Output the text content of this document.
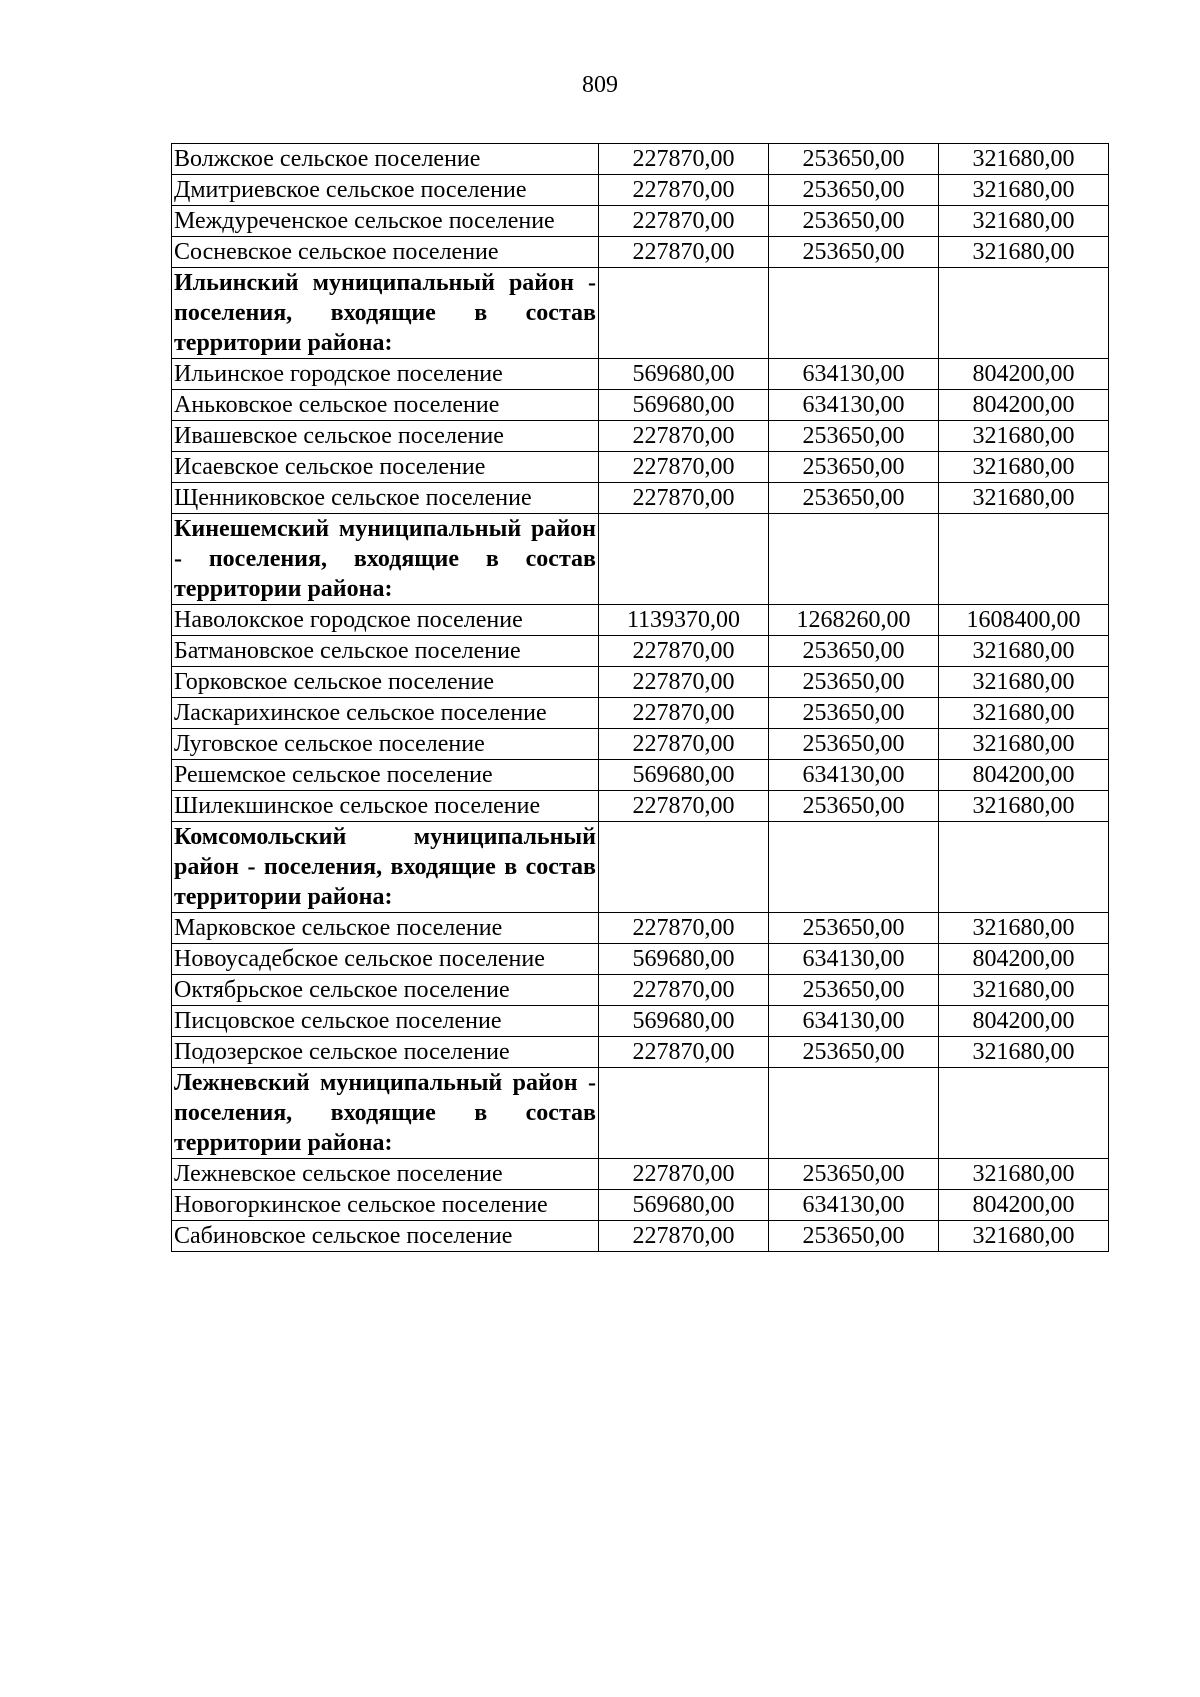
809
Волжское сельское поселение	227870,00	253650,00	321680,00
Дмитриевское сельское поселение	227870,00	253650,00	321680,00
Междуреченское сельское поселение	227870,00	253650,00	321680,00
Сосневское сельское поселение	227870,00	253650,00	321680,00
Ильинский муниципальный район - поселения, входящие в состав территории района:			
Ильинское городское поселение	569680,00	634130,00	804200,00
Аньковское сельское поселение	569680,00	634130,00	804200,00
Ивашевское сельское поселение	227870,00	253650,00	321680,00
Исаевское сельское поселение	227870,00	253650,00	321680,00
Щенниковское сельское поселение	227870,00	253650,00	321680,00
Кинешемский муниципальный район - поселения, входящие в состав территории района:			
Наволокское городское поселение	1139370,00	1268260,00	1608400,00
Батмановское сельское поселение	227870,00	253650,00	321680,00
Горковское сельское поселение	227870,00	253650,00	321680,00
Ласкарихинское сельское поселение	227870,00	253650,00	321680,00
Луговское сельское поселение	227870,00	253650,00	321680,00
Решемское сельское поселение	569680,00	634130,00	804200,00
Шилекшинское сельское поселение	227870,00	253650,00	321680,00
Комсомольский муниципальный район - поселения, входящие в состав территории района:			
Марковское сельское поселение	227870,00	253650,00	321680,00
Новоусадебское сельское поселение	569680,00	634130,00	804200,00
Октябрьское сельское поселение	227870,00	253650,00	321680,00
Писцовское сельское поселение	569680,00	634130,00	804200,00
Подозерское сельское поселение	227870,00	253650,00	321680,00
Лежневский муниципальный район - поселения, входящие в состав территории района:			
Лежневское сельское поселение	227870,00	253650,00	321680,00
Новогоркинское сельское поселение	569680,00	634130,00	804200,00
Сабиновское сельское поселение	227870,00	253650,00	321680,00
